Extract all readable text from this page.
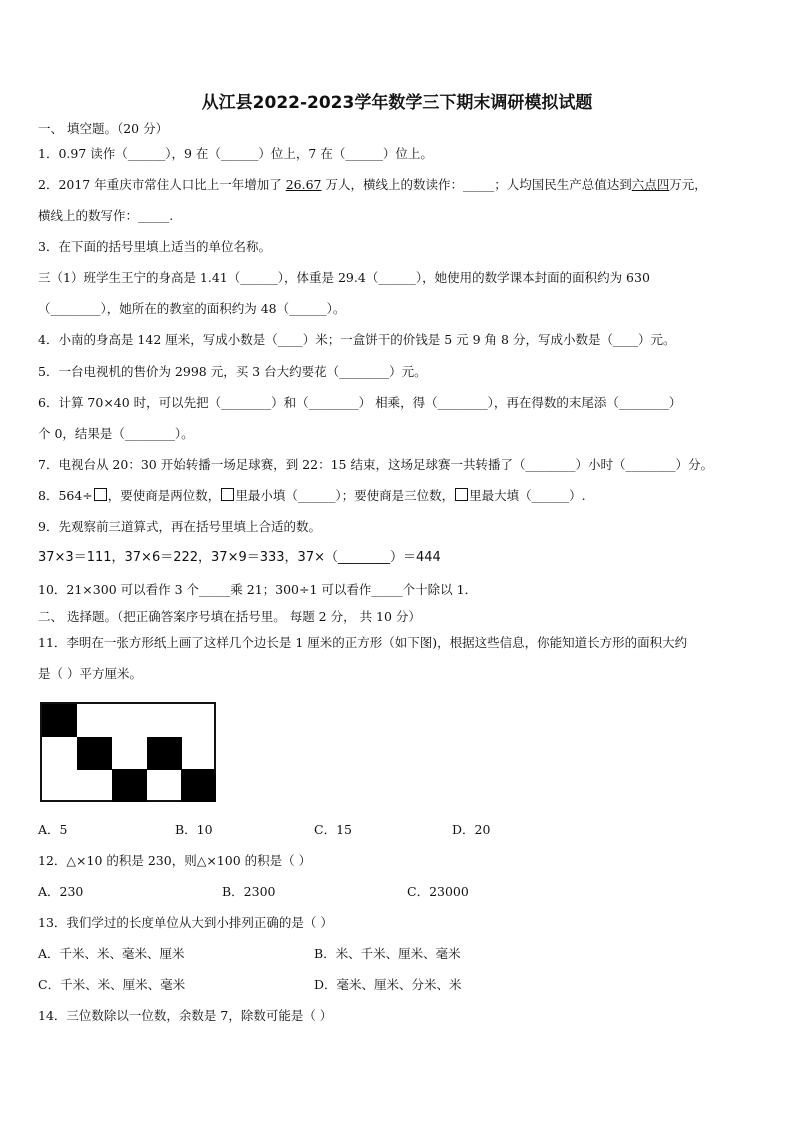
从江县2022-2023学年数学三下期末调研模拟试题
一、 填空题。（20 分）
1．0.97 读作（______），9 在（______）位上，7 在（______）位上。
2．2017 年重庆市常住人口比上一年增加了 26.67 万人，横线上的数读作：_____；人均国民生产总值达到六点四万元，
横线上的数写作：_____.
3．在下面的括号里填上适当的单位名称。
三（1）班学生王宁的身高是 1.41（______），体重是 29.4（______），她使用的数学课本封面的面积约为 630
（________），她所在的教室的面积约为 48（______）。
4．小南的身高是 142 厘米，写成小数是（____）米；一盒饼干的价钱是 5 元 9 角 8 分，写成小数是（____）元。
5．一台电视机的售价为 2998 元，买 3 台大约要花（________）元。
6．计算 70×40 时，可以先把（________）和（________） 相乘，得（________），再在得数的末尾添（________）
个 0，结果是（________）。
7．电视台从 20：30 开始转播一场足球赛，到 22：15 结束，这场足球赛一共转播了（________）小时（________）分。
8．564÷ ，要使商是两位数， 里最小填（______）；要使商是三位数， 里最大填（______）.
9．先观察前三道算式，再在括号里填上合适的数。
37×3＝111，37×6＝222，37×9＝333，37×（________）＝444
10．21×300 可以看作 3 个_____乘 21；300÷1 可以看作_____个十除以 1．
二、 选择题。（把正确答案序号填在括号里。 每题 2 分， 共 10 分）
11．李明在一张方形纸上画了这样几个边长是 1 厘米的正方形（如下图)，根据这些信息，你能知道长方形的面积大约
是（ ）平方厘米。
A．5	B．10	C．15	D．20
12．△×10 的积是 230，则△×100 的积是（ ）
A．230	B．2300	C．23000
13．我们学过的长度单位从大到小排列正确的是（ ）
A．千米、米、毫米、厘米	B．米、千米、厘米、毫米
C．千米、米、厘米、毫米	D．毫米、厘米、分米、米
14．三位数除以一位数，余数是 7，除数可能是（ ）
